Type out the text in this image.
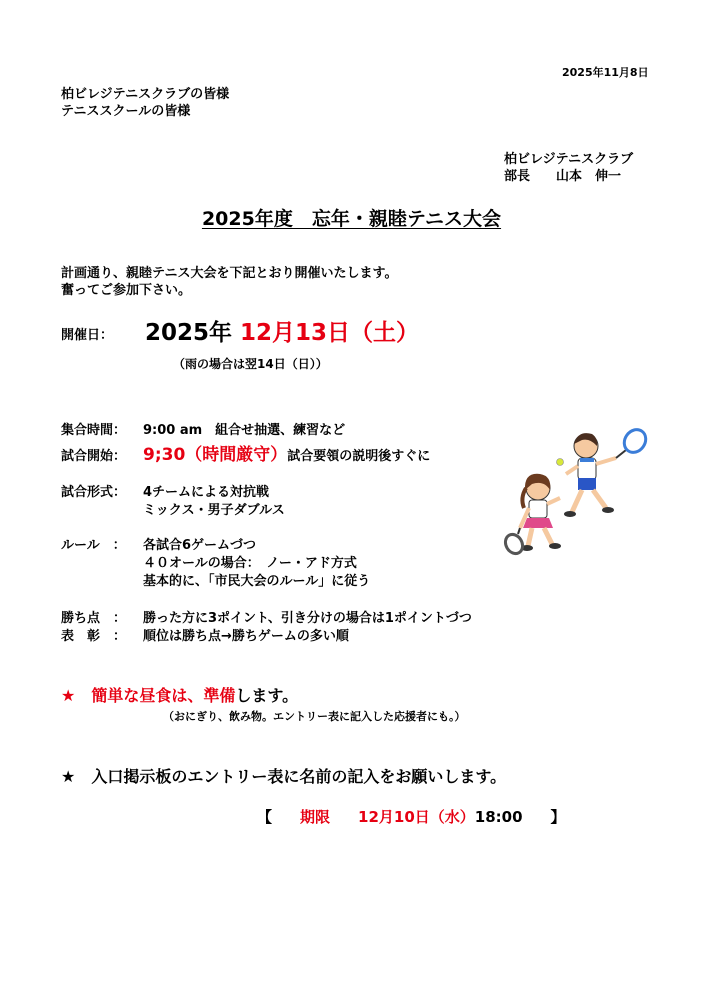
2025年11月8日
柏ビレジテニスクラブの皆様
テニススクールの皆様
柏ビレジテニスクラブ
部長　　山本　伸一
2025年度　忘年・親睦テニス大会
計画通り、親睦テニス大会を下記とおり開催いたします。
奮ってご参加下さい。
開催日： 2025年 12月13日（土）
（雨の場合は翌14日（日））
集合時間： 9:00 am　組合せ抽選、練習など
試合開始： 9;30（時間厳守）試合要領の説明後すぐに
試合形式： 4チームによる対抗戦
ミックス・男子ダブルス
ルール　： 各試合6ゲームづつ
４０オールの場合：　ノー・アド方式
基本的に、「市民大会のルール」に従う
勝ち点　： 勝った方に3ポイント、引き分けの場合は1ポイントづつ
表　彰　： 順位は勝ち点→勝ちゲームの多い順
★ 簡単な昼食は、準備します。
（おにぎり、飲み物。エントリー表に記入した応援者にも。）
★ 入口掲示板のエントリー表に名前の記入をお願いします。
【 期限 12月10日（水）18:00 】
